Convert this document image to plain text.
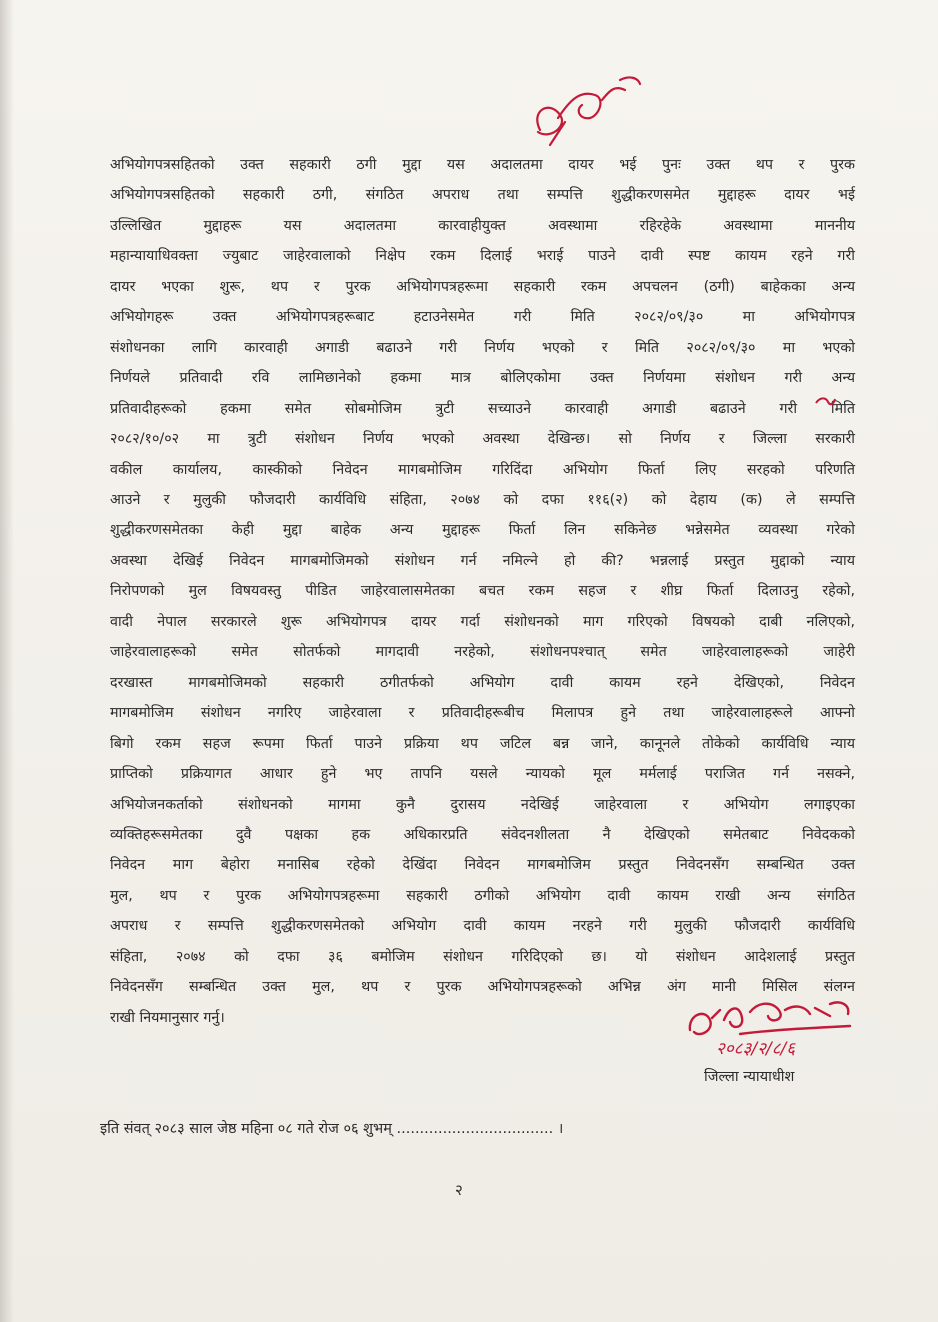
अभियोगपत्रसहितको उक्त सहकारी ठगी मुद्दा यस अदालतमा दायर भई पुनः उक्त थप र पुरक
अभियोगपत्रसहितको सहकारी ठगी, संगठित अपराध तथा सम्पत्ति शुद्धीकरणसमेत मुद्दाहरू दायर भई
उल्लिखित मुद्दाहरू यस अदालतमा कारवाहीयुक्त अवस्थामा रहिरहेके अवस्थामा माननीय
महान्यायाधिवक्ता ज्युबाट जाहेरवालाको निक्षेप रकम दिलाई भराई पाउने दावी स्पष्ट कायम रहने गरी
दायर भएका शुरू, थप र पुरक अभियोगपत्रहरूमा सहकारी रकम अपचलन (ठगी) बाहेकका अन्य
अभियोगहरू उक्त अभियोगपत्रहरूबाट हटाउनेसमेत गरी मिति २०८२/०९/३० मा अभियोगपत्र
संशोधनका लागि कारवाही अगाडी बढाउने गरी निर्णय भएको र मिति २०८२/०९/३० मा भएको
निर्णयले प्रतिवादी रवि लामिछानेको हकमा मात्र बोलिएकोमा उक्त निर्णयमा संशोधन गरी अन्य
प्रतिवादीहरूको हकमा समेत सोबमोजिम त्रुटी सच्याउने कारवाही अगाडी बढाउने गरी मिति
२०८२/१०/०२ मा त्रुटी संशोधन निर्णय भएको अवस्था देखिन्छ। सो निर्णय र जिल्ला सरकारी
वकील कार्यालय, कास्कीको निवेदन मागबमोजिम गरिदिंदा अभियोग फिर्ता लिए सरहको परिणति
आउने र मुलुकी फौजदारी कार्यविधि संहिता, २०७४ को दफा ११६(२) को देहाय (क) ले सम्पत्ति
शुद्धीकरणसमेतका केही मुद्दा बाहेक अन्य मुद्दाहरू फिर्ता लिन सकिनेछ भन्नेसमेत व्यवस्था गरेको
अवस्था देखिई निवेदन मागबमोजिमको संशोधन गर्न नमिल्ने हो की? भन्नलाई प्रस्तुत मुद्दाको न्याय
निरोपणको मुल विषयवस्तु पीडित जाहेरवालासमेतका बचत रकम सहज र शीघ्र फिर्ता दिलाउनु रहेको,
वादी नेपाल सरकारले शुरू अभियोगपत्र दायर गर्दा संशोधनको माग गरिएको विषयको दाबी नलिएको,
जाहेरवालाहरूको समेत सोतर्फको मागदावी नरहेको, संशोधनपश्चात् समेत जाहेरवालाहरूको जाहेरी
दरखास्त मागबमोजिमको सहकारी ठगीतर्फको अभियोग दावी कायम रहने देखिएको, निवेदन
मागबमोजिम संशोधन नगरिए जाहेरवाला र प्रतिवादीहरूबीच मिलापत्र हुने तथा जाहेरवालाहरूले आफ्नो
बिगो रकम सहज रूपमा फिर्ता पाउने प्रक्रिया थप जटिल बन्न जाने, कानूनले तोकेको कार्यविधि न्याय
प्राप्तिको प्रक्रियागत आधार हुने भए तापनि यसले न्यायको मूल मर्मलाई पराजित गर्न नसक्ने,
अभियोजनकर्ताको संशोधनको मागमा कुनै दुरासय नदेखिई जाहेरवाला र अभियोग लगाइएका
व्यक्तिहरूसमेतका दुवै पक्षका हक अधिकारप्रति संवेदनशीलता नै देखिएको समेतबाट निवेदकको
निवेदन माग बेहोरा मनासिब रहेको देखिंदा निवेदन मागबमोजिम प्रस्तुत निवेदनसँग सम्बन्धित उक्त
मुल, थप र पुरक अभियोगपत्रहरूमा सहकारी ठगीको अभियोग दावी कायम राखी अन्य संगठित
अपराध र सम्पत्ति शुद्धीकरणसमेतको अभियोग दावी कायम नरहने गरी मुलुकी फौजदारी कार्यविधि
संहिता, २०७४ को दफा ३६ बमोजिम संशोधन गरिदिएको छ। यो संशोधन आदेशलाई प्रस्तुत
निवेदनसँग सम्बन्धित उक्त मुल, थप र पुरक अभियोगपत्रहरूको अभिन्न अंग मानी मिसिल संलग्न
राखी नियमानुसार गर्नु।
२०८३/२/८/६
जिल्ला न्यायाधीश
इति संवत् २०८३ साल जेष्ठ महिना ०८ गते रोज ०६ शुभम् .................................. ।
२
